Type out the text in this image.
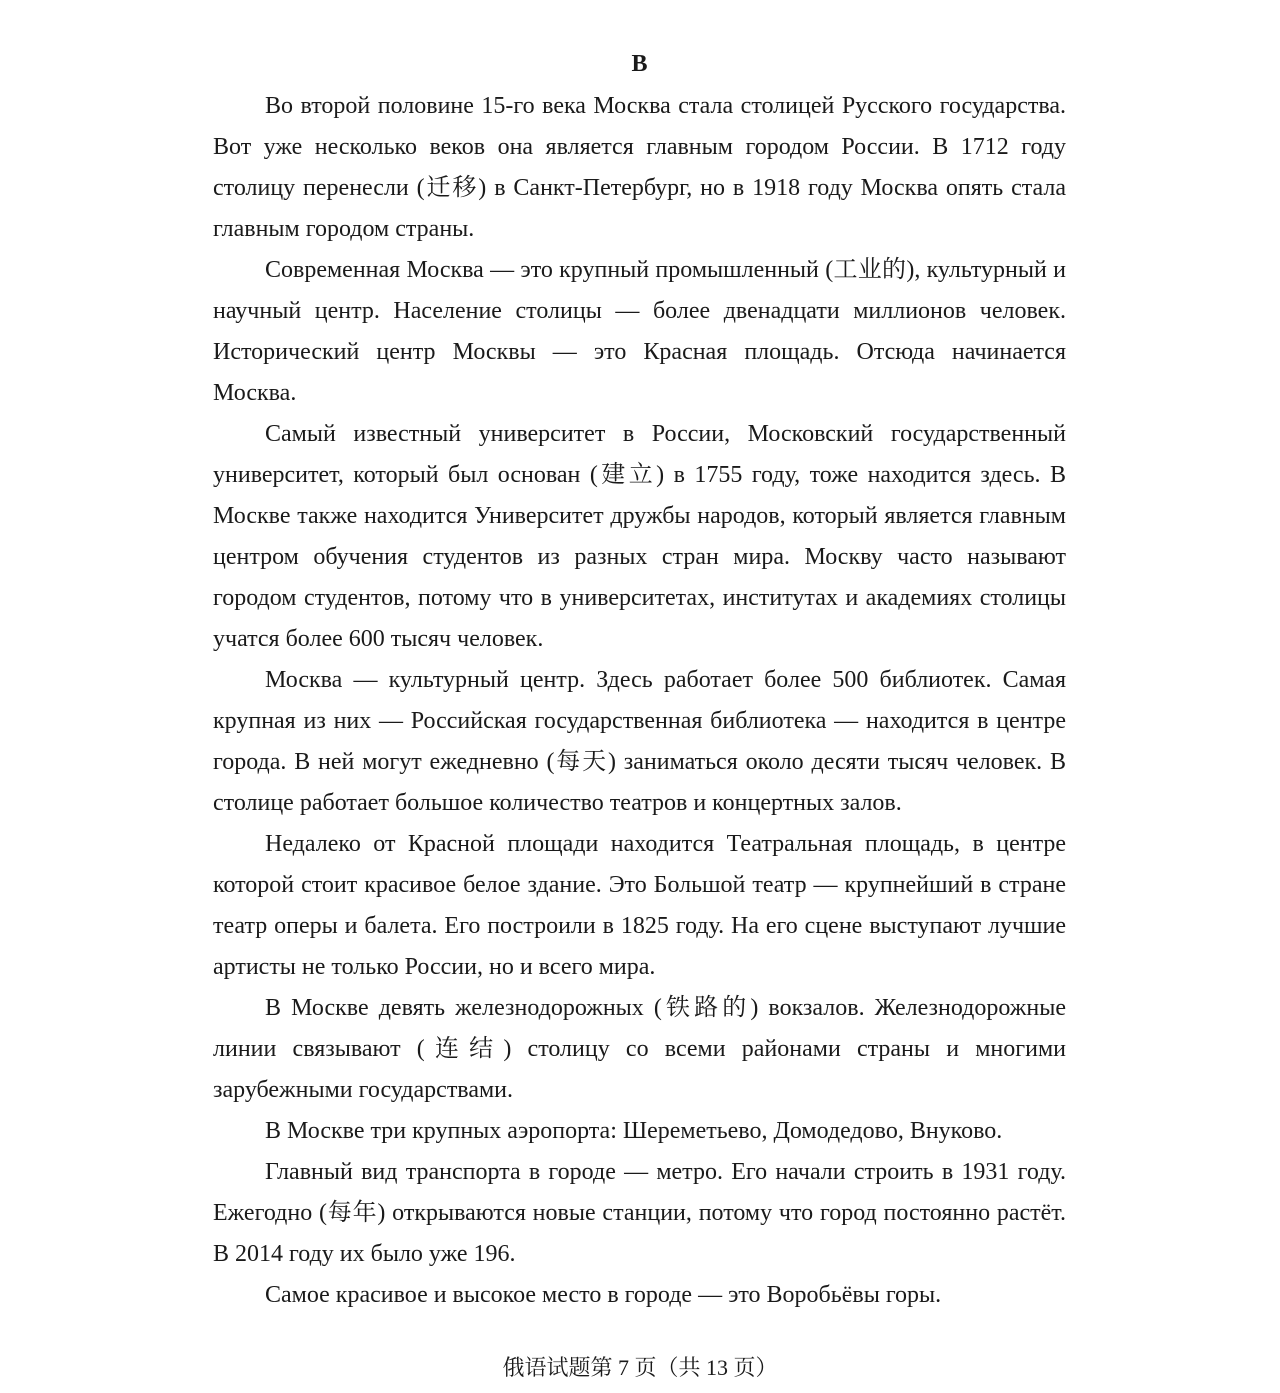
B

Во второй половине 15-го века Москва стала столицей Русского государства. Вот уже несколько веков она является главным городом России. В 1712 году столицу перенесли (迁移) в Санкт-Петербург, но в 1918 году Москва опять стала главным городом страны.

Современная Москва — это крупный промышленный (工业的), культурный и научный центр. Население столицы — более двенадцати миллионов человек. Исторический центр Москвы — это Красная площадь. Отсюда начинается Москва.

Самый известный университет в России, Московский государственный университет, который был основан (建立) в 1755 году, тоже находится здесь. В Москве также находится Университет дружбы народов, который является главным центром обучения студентов из разных стран мира. Москву часто называют городом студентов, потому что в университетах, институтах и академиях столицы учатся более 600 тысяч человек.

Москва — культурный центр. Здесь работает более 500 библиотек. Самая крупная из них — Российская государственная библиотека — находится в центре города. В ней могут ежедневно (每天) заниматься около десяти тысяч человек. В столице работает большое количество театров и концертных залов.

Недалеко от Красной площади находится Театральная площадь, в центре которой стоит красивое белое здание. Это Большой театр — крупнейший в стране театр оперы и балета. Его построили в 1825 году. На его сцене выступают лучшие артисты не только России, но и всего мира.

В Москве девять железнодорожных (铁路的) вокзалов. Железнодорожные линии связывают (连结) столицу со всеми районами страны и многими зарубежными государствами.

В Москве три крупных аэропорта: Шереметьево, Домодедово, Внуково.

Главный вид транспорта в городе — метро. Его начали строить в 1931 году. Ежегодно (每年) открываются новые станции, потому что город постоянно растёт. В 2014 году их было уже 196.

Самое красивое и высокое место в городе — это Воробьёвы горы.

俄语试题第 7 页（共 13 页）
